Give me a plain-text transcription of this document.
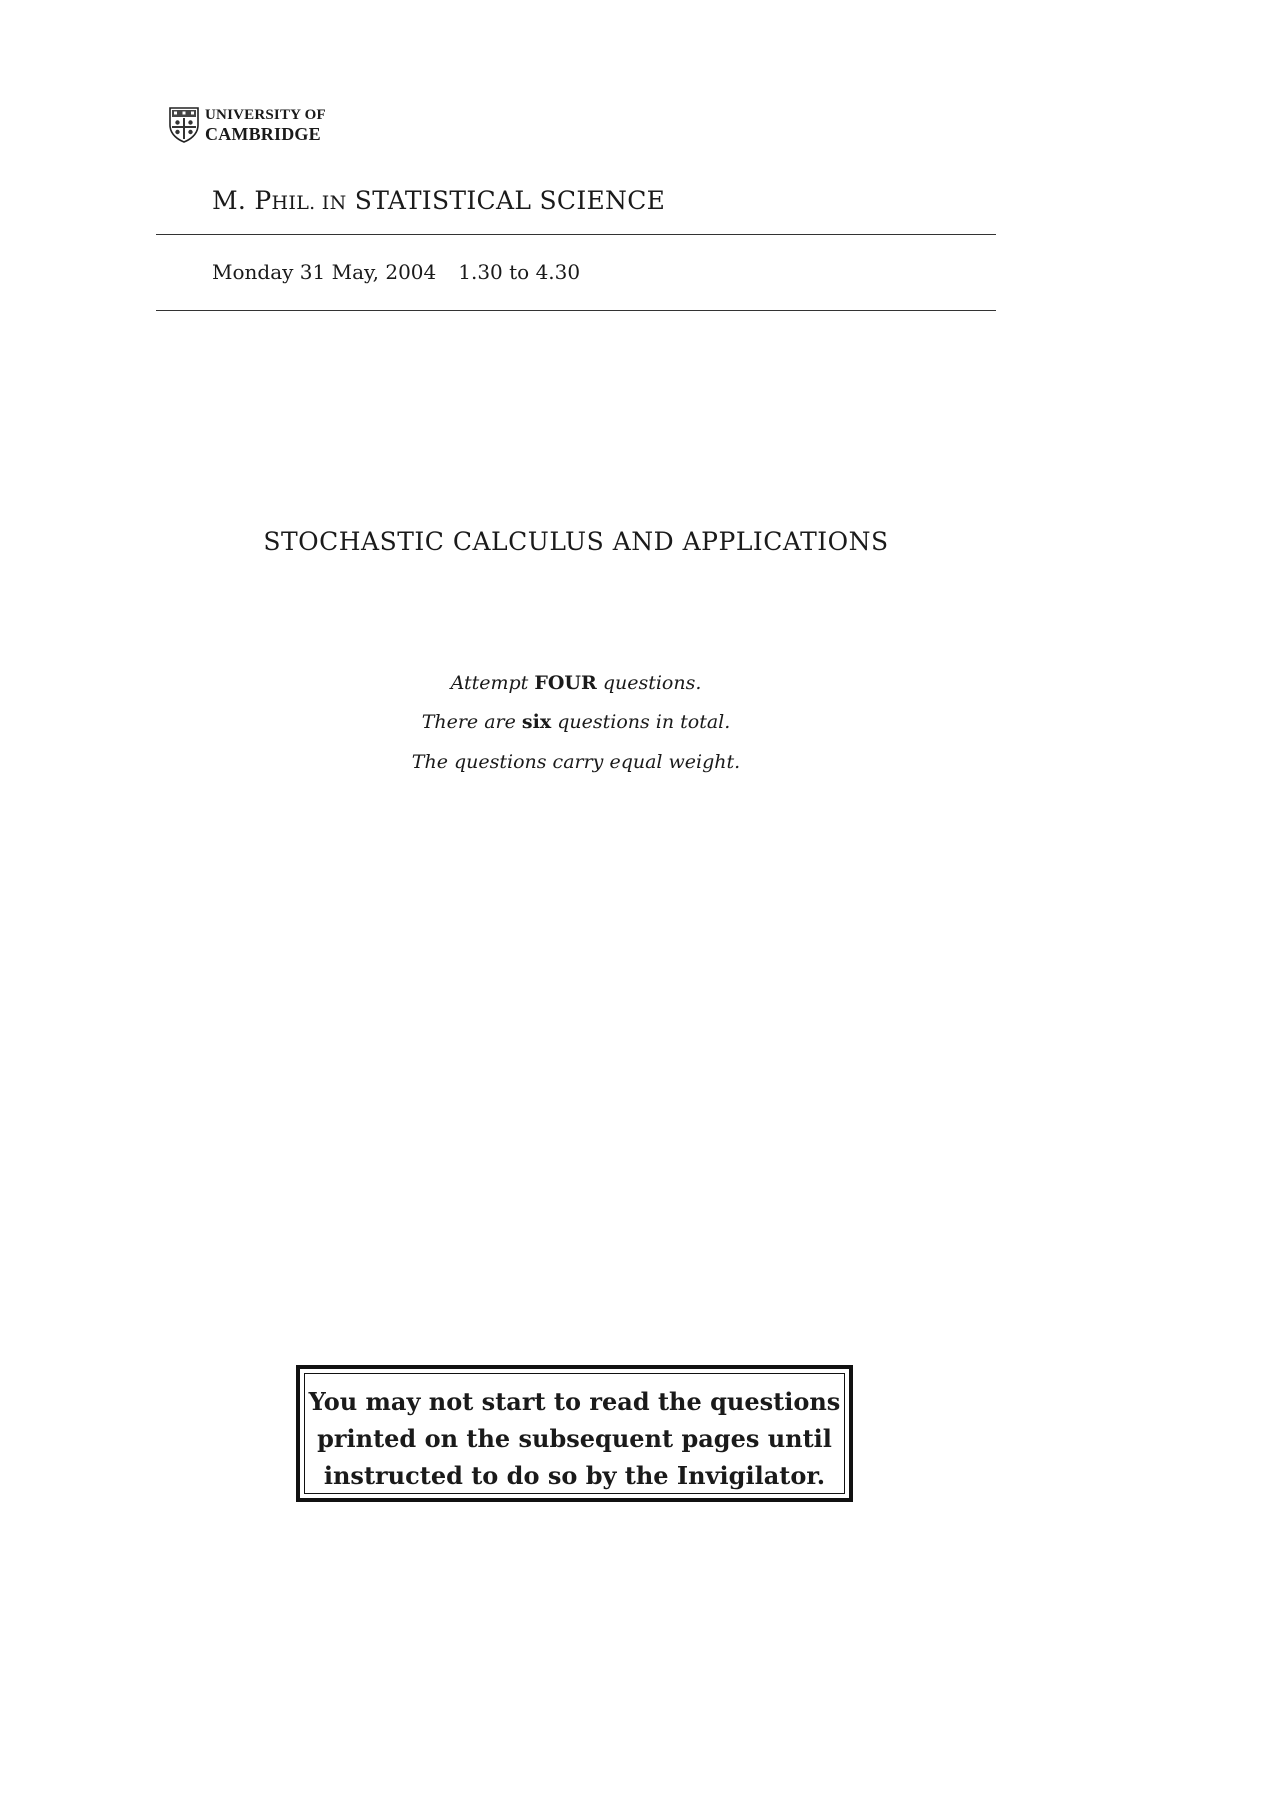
UNIVERSITY OF
CAMBRIDGE
M. PHIL. IN STATISTICAL SCIENCE
Monday 31 May, 2004 1.30 to 4.30
STOCHASTIC CALCULUS AND APPLICATIONS
Attempt FOUR questions.
There are six questions in total.
The questions carry equal weight.
You may not start to read the questions
printed on the subsequent pages until
instructed to do so by the Invigilator.
